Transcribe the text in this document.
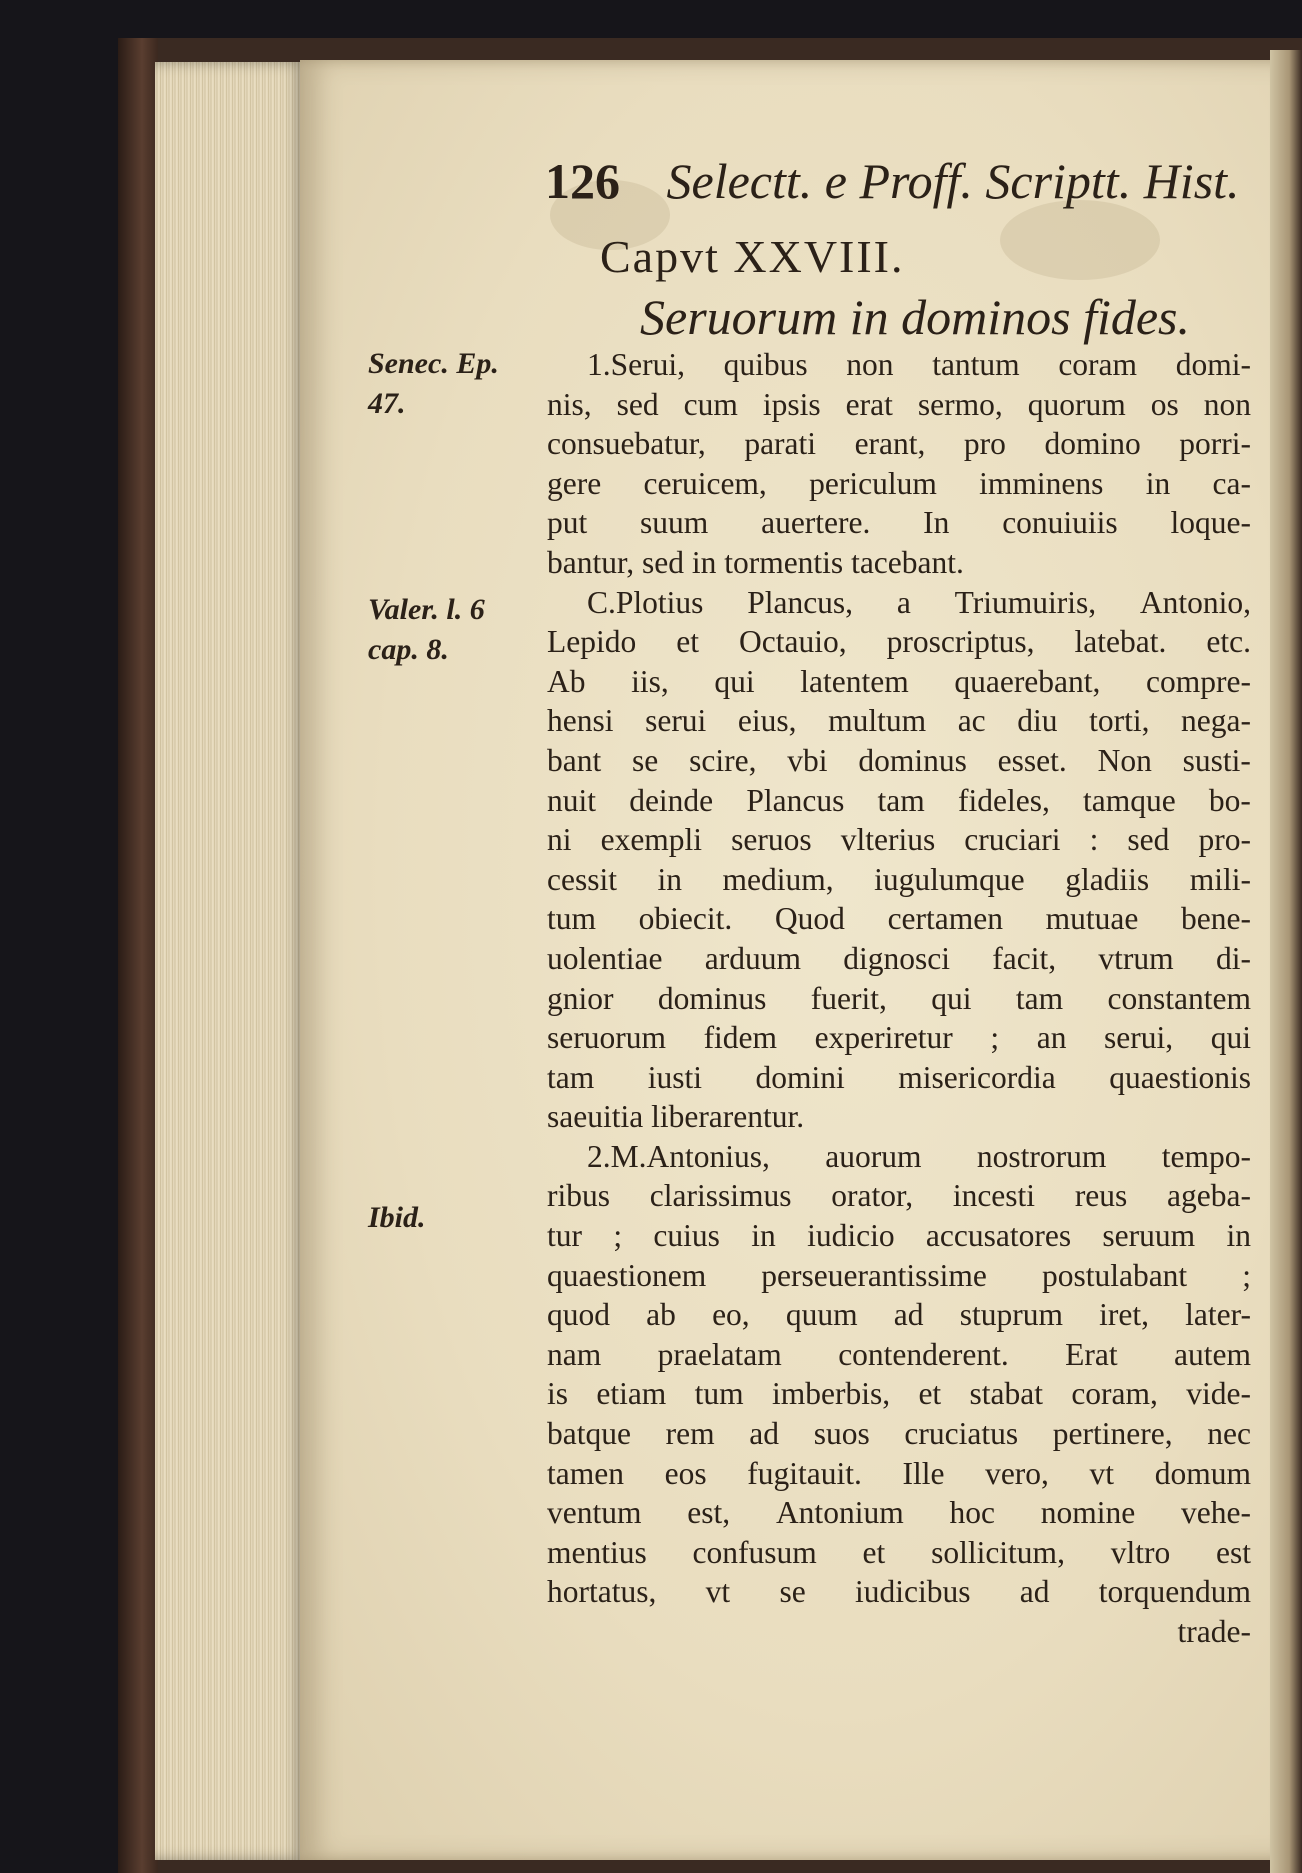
126 Selectt. e Proff. Scriptt. Hist.
Capvt XXVIII.
Seruorum in dominos fides.
Senec. Ep.
47.
Valer. l. 6
cap. 8.
Ibid.
1.Serui, quibus non tantum coram domi-
nis, sed cum ipsis erat sermo, quorum os non
consuebatur, parati erant, pro domino porri-
gere ceruicem, periculum imminens in ca-
put suum auertere. In conuiuiis loque-
bantur, sed in tormentis tacebant.
C.Plotius Plancus, a Triumuiris, Antonio,
Lepido et Octauio, proscriptus, latebat. etc.
Ab iis, qui latentem quaerebant, compre-
hensi serui eius, multum ac diu torti, nega-
bant se scire, vbi dominus esset. Non susti-
nuit deinde Plancus tam fideles, tamque bo-
ni exempli seruos vlterius cruciari : sed pro-
cessit in medium, iugulumque gladiis mili-
tum obiecit. Quod certamen mutuae bene-
uolentiae arduum dignosci facit, vtrum di-
gnior dominus fuerit, qui tam constantem
seruorum fidem experiretur ; an serui, qui
tam iusti domini misericordia quaestionis
saeuitia liberarentur.
2.M.Antonius, auorum nostrorum tempo-
ribus clarissimus orator, incesti reus ageba-
tur ; cuius in iudicio accusatores seruum in
quaestionem perseuerantissime postulabant ;
quod ab eo, quum ad stuprum iret, later-
nam praelatam contenderent. Erat autem
is etiam tum imberbis, et stabat coram, vide-
batque rem ad suos cruciatus pertinere, nec
tamen eos fugitauit. Ille vero, vt domum
ventum est, Antonium hoc nomine vehe-
mentius confusum et sollicitum, vltro est
hortatus, vt se iudicibus ad torquendum
trade-
